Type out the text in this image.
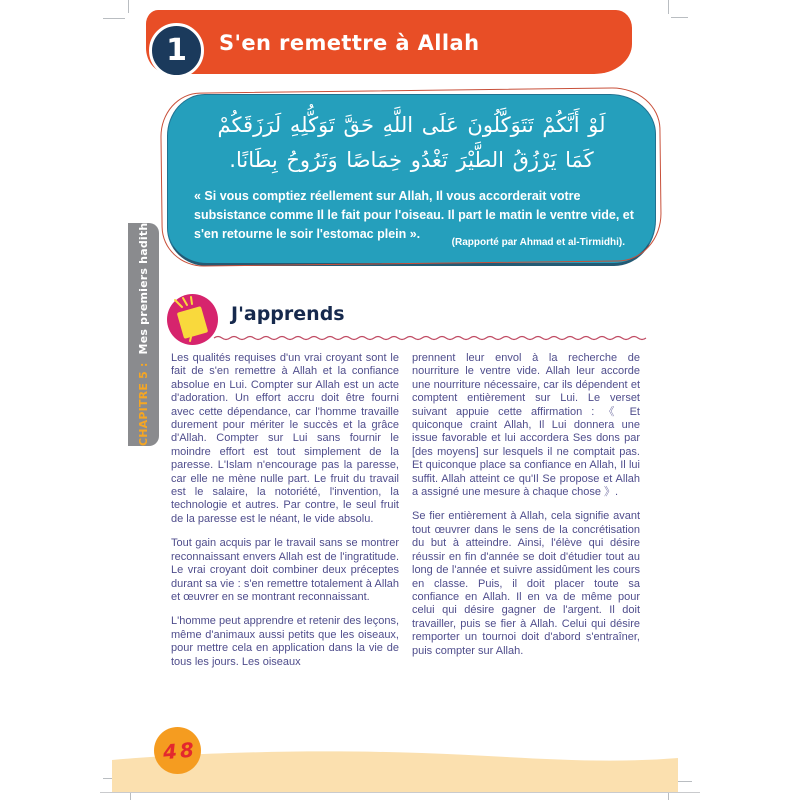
1 S'en remettre à Allah
لَوْ أَنَّكُمْ تَتَوَكَّلُونَ عَلَى اللَّهِ حَقَّ تَوَكُّلِهِ لَرَزَقَكُمْ
كَمَا يَرْزُقُ الطَّيْرَ تَغْدُو خِمَاصًا وَتَرُوحُ بِطَانًا.
« Si vous comptiez réellement sur Allah, Il vous accorderait votre subsistance comme Il le fait pour l'oiseau. Il part le matin le ventre vide, et s'en retourne le soir l'estomac plein ».
(Rapporté par Ahmad et al-Tirmidhi).
CHAPITRE 5 :Mes premiers hadiths	J'apprends

Les qualités requises d'un vrai croyant sont le fait de s'en remettre à Allah et la confiance absolue en Lui. Compter sur Allah est un acte d'adoration. Un effort accru doit être fourni avec cette dépendance, car l'homme travaille durement pour mériter le succès et la grâce d'Allah. Compter sur Lui sans fournir le moindre effort est tout simplement de la paresse. L'Islam n'encourage pas la paresse, car elle ne mène nulle part. Le fruit du travail est le salaire, la notoriété, l'invention, la technologie et autres. Par contre, le seul fruit de la paresse est le néant, le vide absolu.

Tout gain acquis par le travail sans se montrer reconnaissant envers Allah est de l'ingratitude. Le vrai croyant doit combiner deux préceptes durant sa vie : s'en remettre totalement à Allah et œuvrer en se montrant reconnaissant.

L'homme peut apprendre et retenir des leçons, même d'animaux aussi petits que les oiseaux, pour mettre cela en application dans la vie de tous les jours. Les oiseaux

prennent leur envol à la recherche de nourriture le ventre vide. Allah leur accorde une nourriture nécessaire, car ils dépendent et comptent entièrement sur Lui. Le verset suivant appuie cette affirmation : 《 Et quiconque craint Allah, Il Lui donnera une issue favorable et lui accordera Ses dons par [des moyens] sur lesquels il ne comptait pas. Et quiconque place sa confiance en Allah, Il lui suffit. Allah atteint ce qu'Il Se propose et Allah a assigné une mesure à chaque chose 》.

Se fier entièrement à Allah, cela signifie avant tout œuvrer dans le sens de la concrétisation du but à atteindre. Ainsi, l'élève qui désire réussir en fin d'année se doit d'étudier tout au long de l'année et suivre assidûment les cours en classe. Puis, il doit placer toute sa confiance en Allah. Il en va de même pour celui qui désire gagner de l'argent. Il doit travailler, puis se fier à Allah. Celui qui désire remporter un tournoi doit d'abord s'entraîner, puis compter sur Allah.

48
